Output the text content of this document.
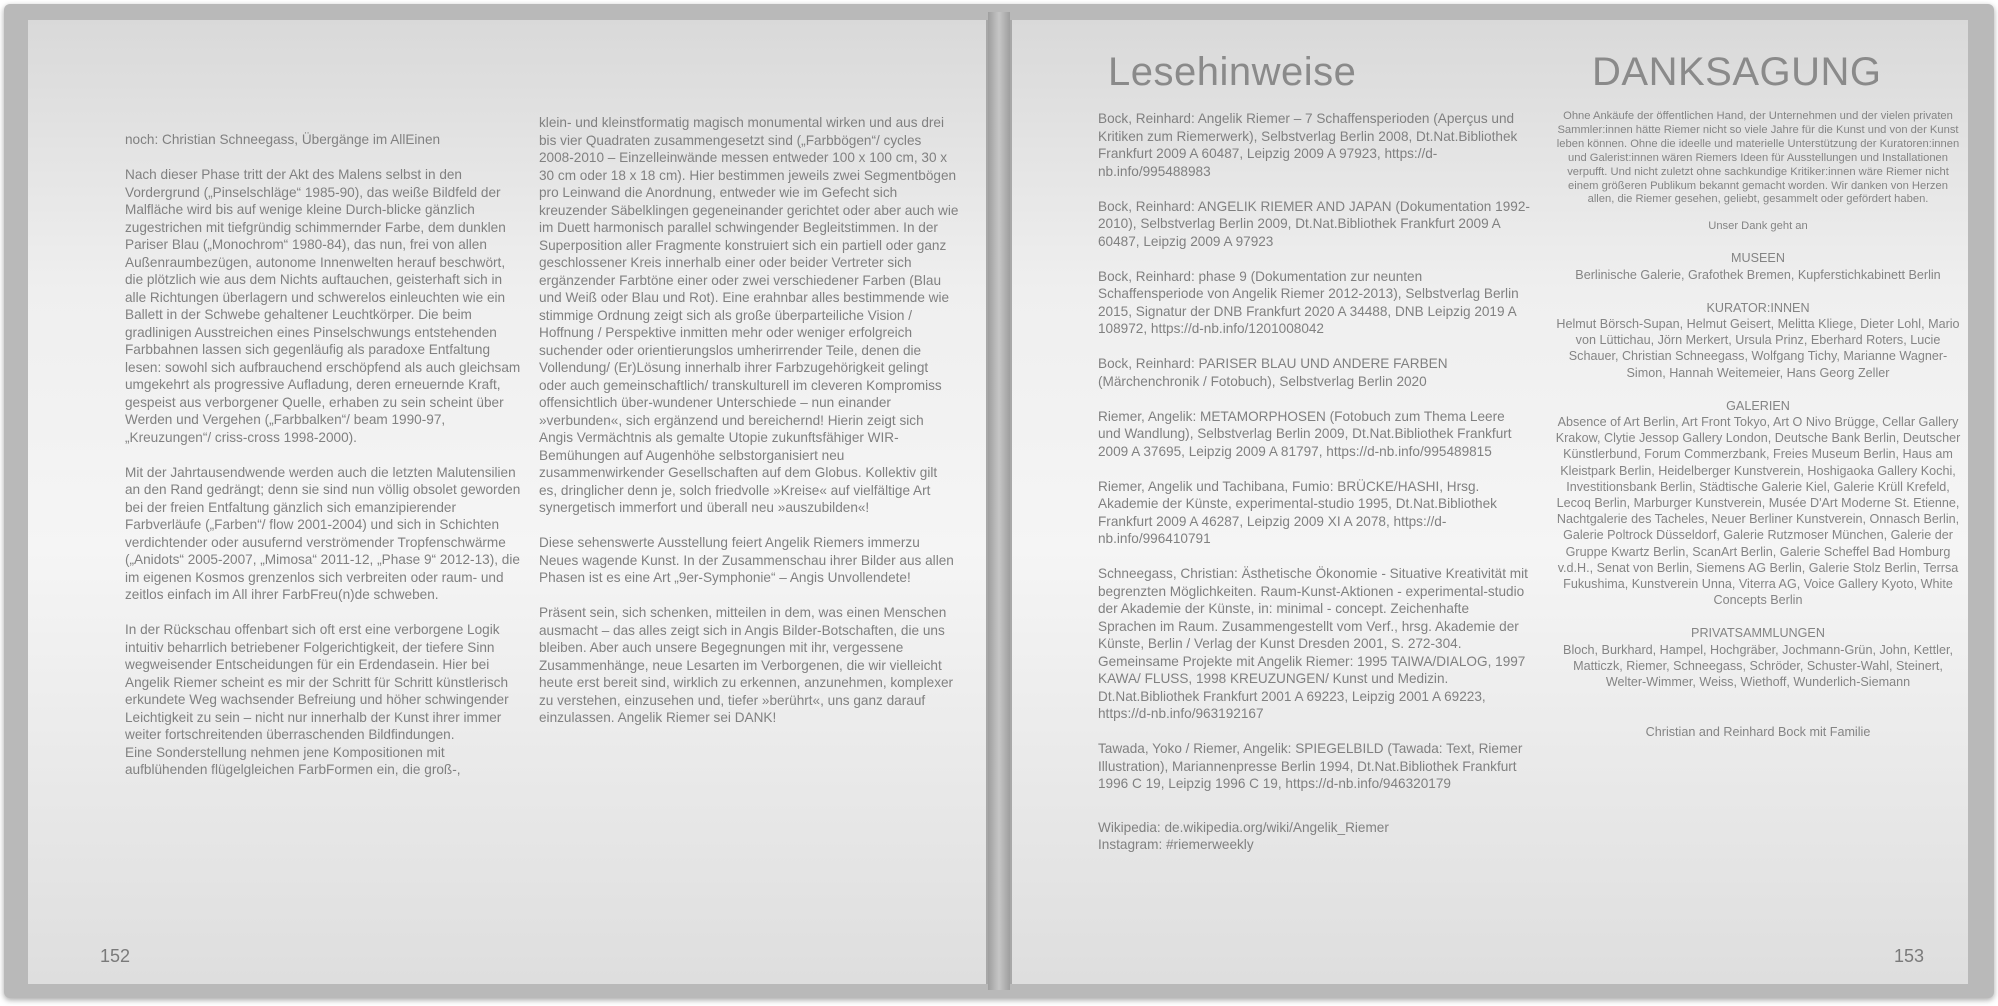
noch: Christian Schneegass, Übergänge im AllEinen

Nach dieser Phase tritt der Akt des Malens selbst in den Vordergrund („Pinselschläge“ 1985-90), das weiße Bildfeld der Malfläche wird bis auf wenige kleine Durch-blicke gänzlich zugestrichen mit tiefgründig schimmernder Farbe, dem dunklen Pariser Blau („Monochrom“ 1980-84), das nun, frei von allen Außenraumbezügen, autonome Innenwelten herauf beschwört, die plötzlich wie aus dem Nichts auftauchen, geisterhaft sich in alle Richtungen überlagern und schwerelos einleuchten wie ein Ballett in der Schwebe gehaltener Leuchtkörper. Die beim gradlinigen Ausstreichen eines Pinselschwungs entstehenden Farbbahnen lassen sich gegenläufig als paradoxe Entfaltung lesen: sowohl sich aufbrauchend erschöpfend als auch gleichsam umgekehrt als progressive Aufladung, deren erneuernde Kraft, gespeist aus verborgener Quelle, erhaben zu sein scheint über Werden und Vergehen („Farbbalken“/ beam 1990-97, „Kreuzungen“/ criss-cross 1998-2000).

Mit der Jahrtausendwende werden auch die letzten Malutensilien an den Rand gedrängt; denn sie sind nun völlig obsolet geworden bei der freien Entfaltung gänzlich sich emanzipierender Farbverläufe („Farben“/ flow 2001-2004) und sich in Schichten verdichtender oder ausufernd verströmender Tropfenschwärme („Anidots“ 2005-2007, „Mimosa“ 2011-12, „Phase 9“ 2012-13), die im eigenen Kosmos grenzenlos sich verbreiten oder raum- und zeitlos einfach im All ihrer FarbFreu(n)de schweben.

In der Rückschau offenbart sich oft erst eine verborgene Logik intuitiv beharrlich betriebener Folgerichtigkeit, der tiefere Sinn wegweisender Entscheidungen für ein Erdendasein. Hier bei Angelik Riemer scheint es mir der Schritt für Schritt künstlerisch erkundete Weg wachsender Befreiung und höher schwingender Leichtigkeit zu sein – nicht nur innerhalb der Kunst ihrer immer weiter fortschreitenden überraschenden Bildfindungen.

Eine Sonderstellung nehmen jene Kompositionen mit aufblühenden flügelgleichen FarbFormen ein, die groß-,

klein- und kleinstformatig magisch monumental wirken und aus drei bis vier Quadraten zusammengesetzt sind („Farbbögen“/ cycles 2008-2010 – Einzelleinwände messen entweder 100 x 100 cm, 30 x 30 cm oder 18 x 18 cm). Hier bestimmen jeweils zwei Segmentbögen pro Leinwand die Anordnung, entweder wie im Gefecht sich kreuzender Säbelklingen gegeneinander gerichtet oder aber auch wie im Duett harmonisch parallel schwingender Begleitstimmen. In der Superposition aller Fragmente konstruiert sich ein partiell oder ganz geschlossener Kreis innerhalb einer oder beider Vertreter sich ergänzender Farbtöne einer oder zwei verschiedener Farben (Blau und Weiß oder Blau und Rot). Eine erahnbar alles bestimmende wie stimmige Ordnung zeigt sich als große überparteiliche Vision / Hoffnung / Perspektive inmitten mehr oder weniger erfolgreich suchender oder orientierungslos umherirrender Teile, denen die Vollendung/ (Er)Lösung innerhalb ihrer Farbzugehörigkeit gelingt oder auch gemeinschaftlich/ transkulturell im cleveren Kompromiss offensichtlich über-wundener Unterschiede – nun einander »verbunden«, sich ergänzend und bereichernd! Hierin zeigt sich Angis Vermächtnis als gemalte Utopie zukunftsfähiger WIR-Bemühungen auf Augenhöhe selbstorganisiert neu zusammenwirkender Gesellschaften auf dem Globus. Kollektiv gilt es, dringlicher denn je, solch friedvolle »Kreise« auf vielfältige Art synergetisch immerfort und überall neu »auszubilden«!

Diese sehenswerte Ausstellung feiert Angelik Riemers immerzu Neues wagende Kunst. In der Zusammenschau ihrer Bilder aus allen Phasen ist es eine Art „9er-Symphonie“ – Angis Unvollendete!

Präsent sein, sich schenken, mitteilen in dem, was einen Menschen ausmacht – das alles zeigt sich in Angis Bilder-Botschaften, die uns bleiben. Aber auch unsere Begegnungen mit ihr, vergessene Zusammenhänge, neue Lesarten im Verborgenen, die wir vielleicht heute erst bereit sind, wirklich zu erkennen, anzunehmen, komplexer zu verstehen, einzusehen und, tiefer »berührt«, uns ganz darauf einzulassen. Angelik Riemer sei DANK!

152
Lesehinweise	DANKSAGUNG
Bock, Reinhard: Angelik Riemer – 7 Schaffensperioden (Aperçus und Kritiken zum Riemerwerk), Selbstverlag Berlin 2008, Dt.Nat.Bibliothek Frankfurt 2009 A 60487, Leipzig 2009 A 97923, https://d-nb.info/995488983
Bock, Reinhard: ANGELIK RIEMER AND JAPAN (Dokumentation 1992-2010), Selbstverlag Berlin 2009, Dt.Nat.Bibliothek Frankfurt 2009 A 60487, Leipzig 2009 A 97923
Bock, Reinhard: phase 9 (Dokumentation zur neunten Schaffensperiode von Angelik Riemer 2012-2013), Selbstverlag Berlin 2015, Signatur der DNB Frankfurt 2020 A 34488, DNB Leipzig 2019 A 108972, https://d-nb.info/1201008042
Bock, Reinhard: PARISER BLAU UND ANDERE FARBEN (Märchenchronik / Fotobuch), Selbstverlag Berlin 2020
Riemer, Angelik: METAMORPHOSEN (Fotobuch zum Thema Leere und Wandlung), Selbstverlag Berlin 2009, Dt.Nat.Bibliothek Frankfurt 2009 A 37695, Leipzig 2009 A 81797, https://d-nb.info/995489815
Riemer, Angelik und Tachibana, Fumio: BRÜCKE/HASHI, Hrsg. Akademie der Künste, experimental-studio 1995, Dt.Nat.Bibliothek Frankfurt 2009 A 46287, Leipzig 2009 XI A 2078, https://d-nb.info/996410791
Schneegass, Christian: Ästhetische Ökonomie - Situative Kreativität mit begrenzten Möglichkeiten. Raum-Kunst-Aktionen - experimental-studio der Akademie der Künste, in: minimal - concept. Zeichenhafte Sprachen im Raum. Zusammengestellt vom Verf., hrsg. Akademie der Künste, Berlin / Verlag der Kunst Dresden 2001, S. 272-304. Gemeinsame Projekte mit Angelik Riemer: 1995 TAIWA/DIALOG, 1997 KAWA/ FLUSS, 1998 KREUZUNGEN/ Kunst und Medizin. Dt.Nat.Bibliothek Frankfurt 2001 A 69223, Leipzig 2001 A 69223, https://d-nb.info/963192167
Tawada, Yoko / Riemer, Angelik: SPIEGELBILD (Tawada: Text, Riemer Illustration), Mariannenpresse Berlin 1994, Dt.Nat.Bibliothek Frankfurt 1996 C 19, Leipzig 1996 C 19, https://d-nb.info/946320179
Wikipedia: de.wikipedia.org/wiki/Angelik_Riemer
Instagram: #riemerweekly
Ohne Ankäufe der öffentlichen Hand, der Unternehmen und der vielen privaten Sammler:innen hätte Riemer nicht so viele Jahre für die Kunst und von der Kunst leben können. Ohne die ideelle und materielle Unterstützung der Kuratoren:innen und Galerist:innen wären Riemers Ideen für Ausstellungen und Installationen verpufft. Und nicht zuletzt ohne sachkundige Kritiker:innen wäre Riemer nicht einem größeren Publikum bekannt gemacht worden. Wir danken von Herzen allen, die Riemer gesehen, geliebt, gesammelt oder gefördert haben.
Unser Dank geht an
MUSEEN
Berlinische Galerie, Grafothek Bremen, Kupferstichkabinett Berlin
KURATOR:INNEN
Helmut Börsch-Supan, Helmut Geisert, Melitta Kliege, Dieter Lohl, Mario von Lüttichau, Jörn Merkert, Ursula Prinz, Eberhard Roters, Lucie Schauer, Christian Schneegass, Wolfgang Tichy, Marianne Wagner-Simon, Hannah Weitemeier, Hans Georg Zeller
GALERIEN
Absence of Art Berlin, Art Front Tokyo, Art O Nivo Brügge, Cellar Gallery Krakow, Clytie Jessop Gallery London, Deutsche Bank Berlin, Deutscher Künstlerbund, Forum Commerzbank, Freies Museum Berlin, Haus am Kleistpark Berlin, Heidelberger Kunstverein, Hoshigaoka Gallery Kochi, Investitionsbank Berlin, Städtische Galerie Kiel, Galerie Krüll Krefeld, Lecoq Berlin, Marburger Kunstverein, Musée D'Art Moderne St. Etienne, Nachtgalerie des Tacheles, Neuer Berliner Kunstverein, Onnasch Berlin, Galerie Poltrock Düsseldorf, Galerie Rutzmoser München, Galerie der Gruppe Kwartz Berlin, ScanArt Berlin, Galerie Scheffel Bad Homburg v.d.H., Senat von Berlin, Siemens AG Berlin, Galerie Stolz Berlin, Terrsa Fukushima, Kunstverein Unna, Viterra AG, Voice Gallery Kyoto, White Concepts Berlin
PRIVATSAMMLUNGEN
Bloch, Burkhard, Hampel, Hochgräber, Jochmann-Grün, John, Kettler, Matticzk, Riemer, Schneegass, Schröder, Schuster-Wahl, Steinert, Welter-Wimmer, Weiss, Wiethoff, Wunderlich-Siemann
Christian and Reinhard Bock mit Familie
153
